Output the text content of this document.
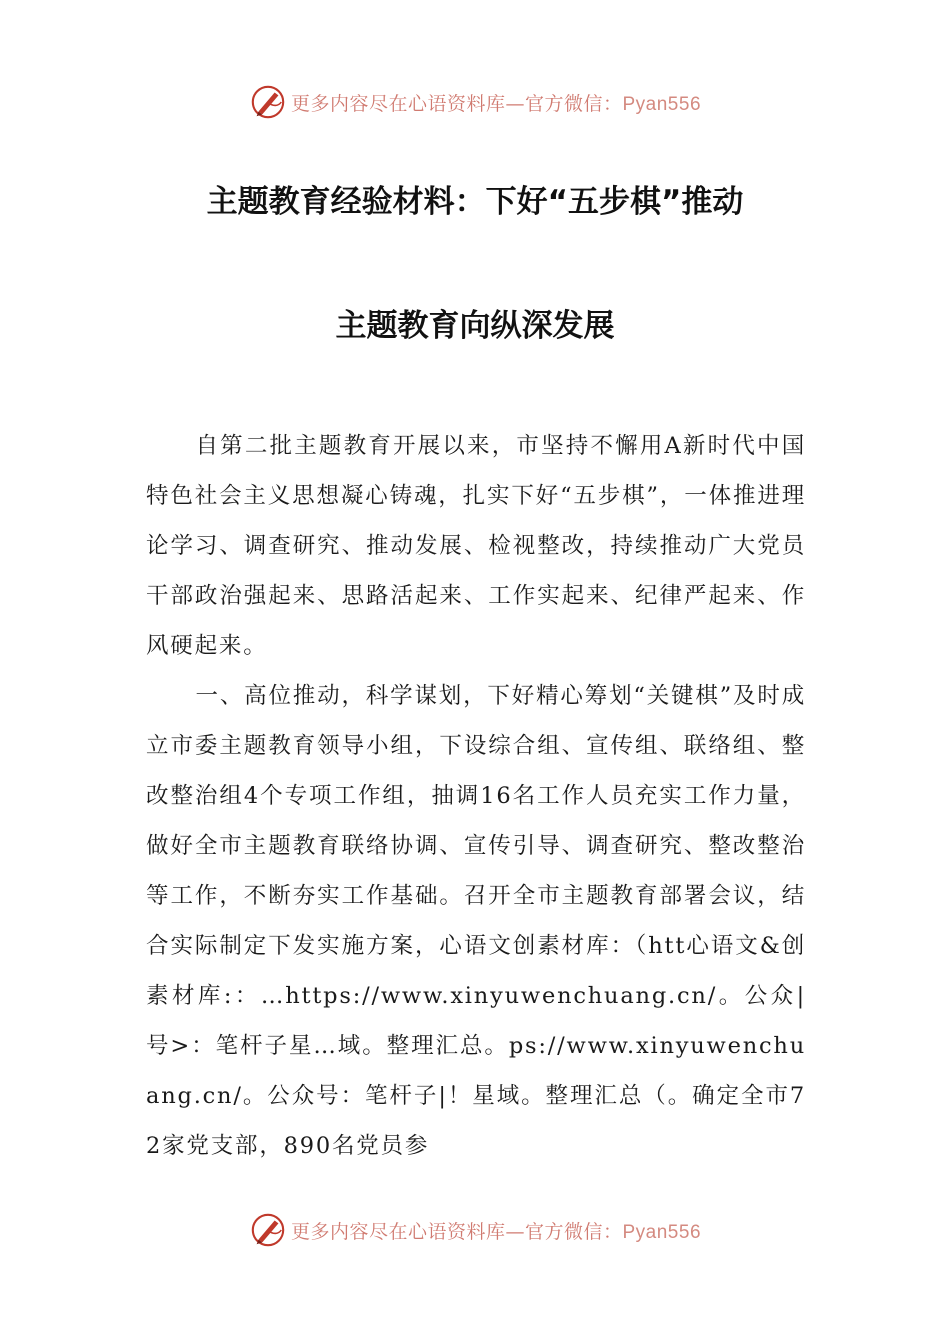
更多内容尽在心语资料库—官方微信：Pyan556
主题教育经验材料：下好“五步棋”推动
主题教育向纵深发展

自第二批主题教育开展以来，市坚持不懈用A新时代中国特色社会主义思想凝心铸魂，扎实下好“五步棋”，一体推进理论学习、调查研究、推动发展、检视整改，持续推动广大党员干部政治强起来、思路活起来、工作实起来、纪律严起来、作风硬起来。

一、高位推动，科学谋划，下好精心筹划“关键棋”及时成立市委主题教育领导小组，下设综合组、宣传组、联络组、整改整治组4个专项工作组，抽调16名工作人员充实工作力量，做好全市主题教育联络协调、宣传引导、调查研究、整改整治等工作，不断夯实工作基础。召开全市主题教育部署会议，结合实际制定下发实施方案，心语文创素材库：（htt心语文&创素材库:：…https://www.xinyuwenchuang.cn/。公众|号>：笔杆子星…域。整理汇总。ps://www.xinyuwenchuang.cn/。公众号：笔杆子|！星域。整理汇总（。确定全市72家党支部，890名党员参

更多内容尽在心语资料库—官方微信：Pyan556
